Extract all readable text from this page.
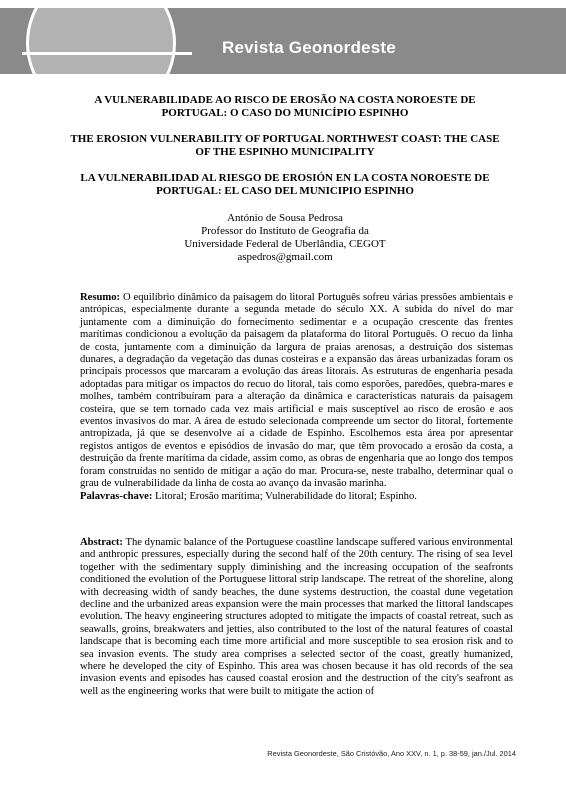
Revista Geonordeste

A VULNERABILIDADE AO RISCO DE EROSÃO NA COSTA NOROESTE DE PORTUGAL: O CASO DO MUNICÍPIO ESPINHO

THE EROSION VULNERABILITY OF PORTUGAL NORTHWEST COAST: THE CASE OF THE ESPINHO MUNICIPALITY

LA VULNERABILIDAD AL RIESGO DE EROSIÓN EN LA COSTA NOROESTE DE PORTUGAL: EL CASO DEL MUNICIPIO ESPINHO

António de Sousa Pedrosa
Professor do Instituto de Geografia da
Universidade Federal de Uberlândia, CEGOT
aspedros@gmail.com
Resumo: O equilíbrio dinâmico da paisagem do litoral Português sofreu várias pressões ambientais e antrópicas, especialmente durante a segunda metade do século XX. A subida do nível do mar juntamente com a diminuição do fornecimento sedimentar e a ocupação crescente das frentes marítimas condicionou a evolução da paisagem da plataforma do litoral Português. O recuo da linha de costa, juntamente com a diminuição da largura de praias arenosas, a destruição dos sistemas dunares, a degradação da vegetação das dunas costeiras e a expansão das áreas urbanizadas foram os principais processos que marcaram a evolução das áreas litorais. As estruturas de engenharia pesada adoptadas para mitigar os impactos do recuo do litoral, tais como esporões, paredões, quebra-mares e molhes, também contribuíram para a alteração da dinâmica e características naturais da paisagem costeira, que se tem tornado cada vez mais artificial e mais susceptível ao risco de erosão e aos eventos invasivos do mar. A área de estudo selecionada compreende um sector do litoral, fortemente antropizada, já que se desenvolve aí a cidade de Espinho. Escolhemos esta área por apresentar registos antigos de eventos e episódios de invasão do mar, que têm provocado a erosão da costa, a destruição da frente marítima da cidade, assim como, as obras de engenharia que ao longo dos tempos foram construídas no sentido de mitigar a ação do mar. Procura-se, neste trabalho, determinar qual o grau de vulnerabilidade da linha de costa ao avanço da invasão marinha.
Palavras-chave: Litoral; Erosão marítima; Vulnerabilidade do litoral; Espinho.
Abstract: The dynamic balance of the Portuguese coastline landscape suffered various environmental and anthropic pressures, especially during the second half of the 20th century. The rising of sea level together with the sedimentary supply diminishing and the increasing occupation of the seafronts conditioned the evolution of the Portuguese littoral strip landscape. The retreat of the shoreline, along with decreasing width of sandy beaches, the dune systems destruction, the coastal dune vegetation decline and the urbanized areas expansion were the main processes that marked the littoral landscapes evolution. The heavy engineering structures adopted to mitigate the impacts of coastal retreat, such as seawalls, groins, breakwaters and jetties, also contributed to the lost of the natural features of coastal landscape that is becoming each time more artificial and more susceptible to sea erosion risk and to sea invasion events. The study area comprises a selected sector of the coast, greatly humanized, where he developed the city of Espinho. This area was chosen because it has old records of the sea invasion events and episodes has caused coastal erosion and the destruction of the city's seafront as well as the engineering works that were built to mitigate the action of
Revista Geonordeste, São Cristóvão, Ano XXV, n. 1, p. 38-59, jan./Jul. 2014
